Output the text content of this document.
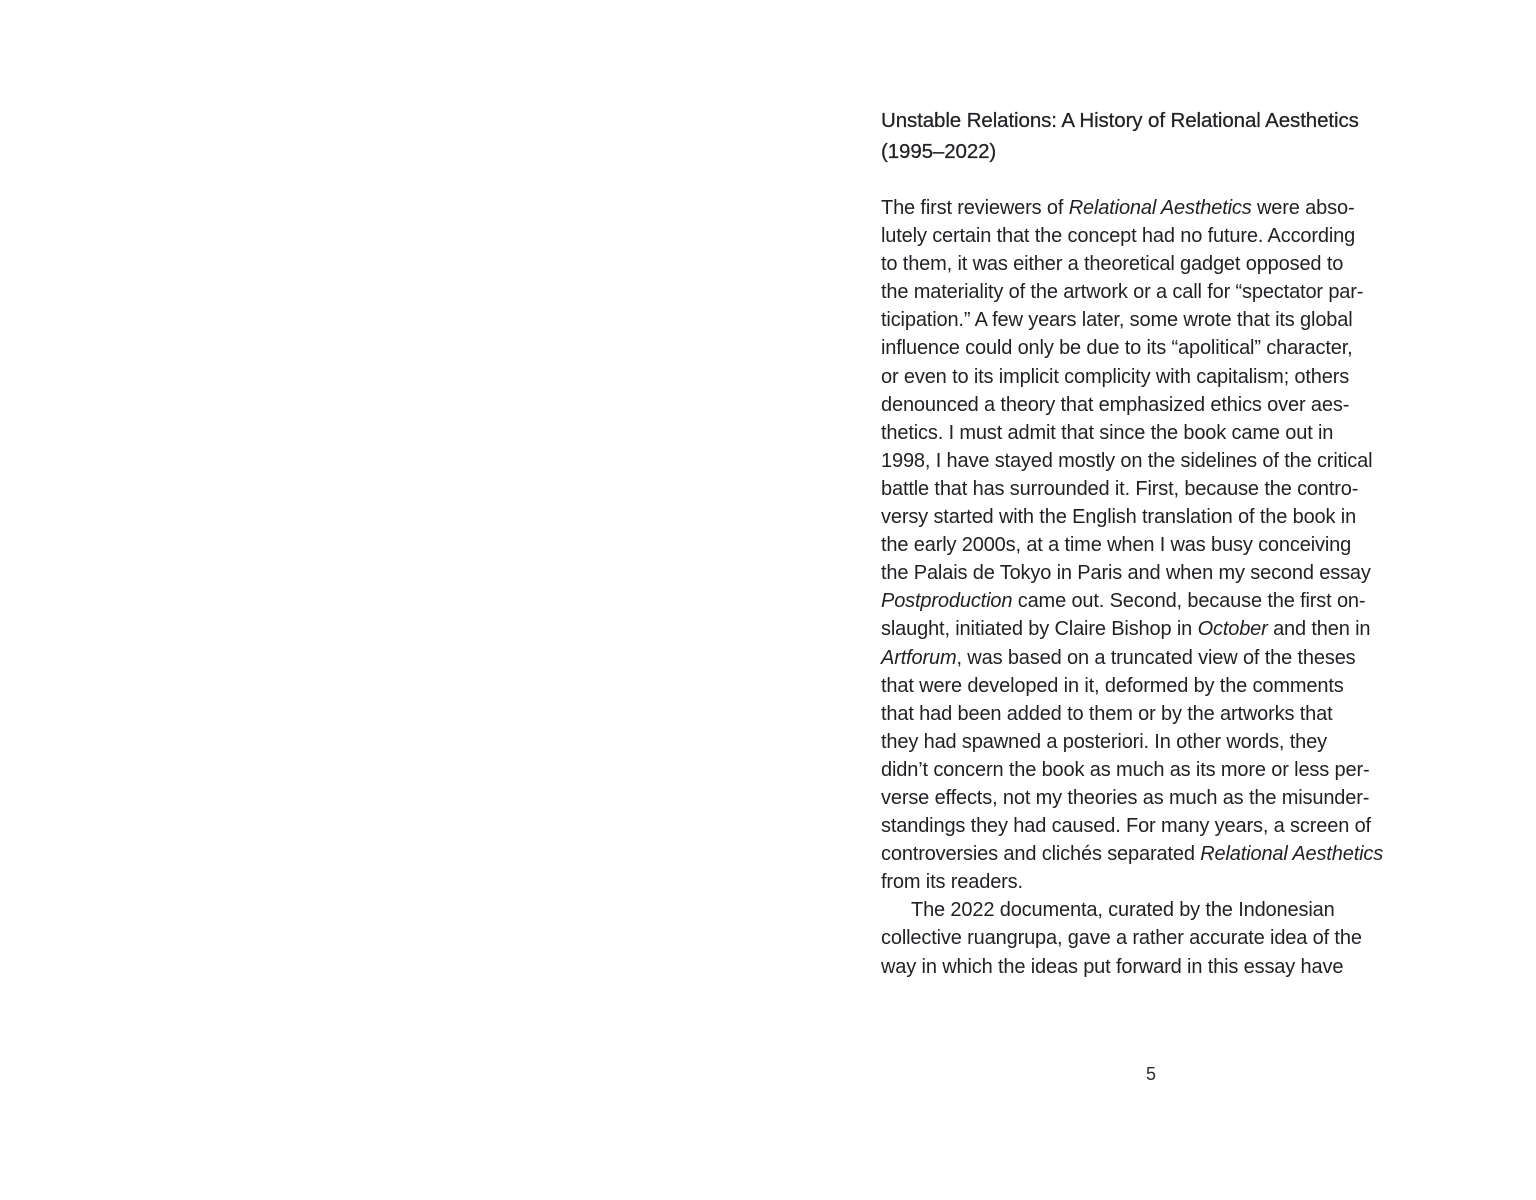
Unstable Relations: A History of Relational Aesthetics
(1995–2022)
The first reviewers of Relational Aesthetics were abso-
lutely certain that the concept had no future. According
to them, it was either a theoretical gadget opposed to
the materiality of the artwork or a call for “spectator par-
ticipation.” A few years later, some wrote that its global
influence could only be due to its “apolitical” character,
or even to its implicit complicity with capitalism; others
denounced a theory that emphasized ethics over aes-
thetics. I must admit that since the book came out in
1998, I have stayed mostly on the sidelines of the critical
battle that has surrounded it. First, because the contro-
versy started with the English translation of the book in
the early 2000s, at a time when I was busy conceiving
the Palais de Tokyo in Paris and when my second essay
Postproduction came out. Second, because the first on-
slaught, initiated by Claire Bishop in October and then in
Artforum, was based on a truncated view of the theses
that were developed in it, deformed by the comments
that had been added to them or by the artworks that
they had spawned a posteriori. In other words, they
didn’t concern the book as much as its more or less per-
verse effects, not my theories as much as the misunder-
standings they had caused. For many years, a screen of
controversies and clichés separated Relational Aesthetics
from its readers.
The 2022 documenta, curated by the Indonesian
collective ruangrupa, gave a rather accurate idea of the
way in which the ideas put forward in this essay have
5
